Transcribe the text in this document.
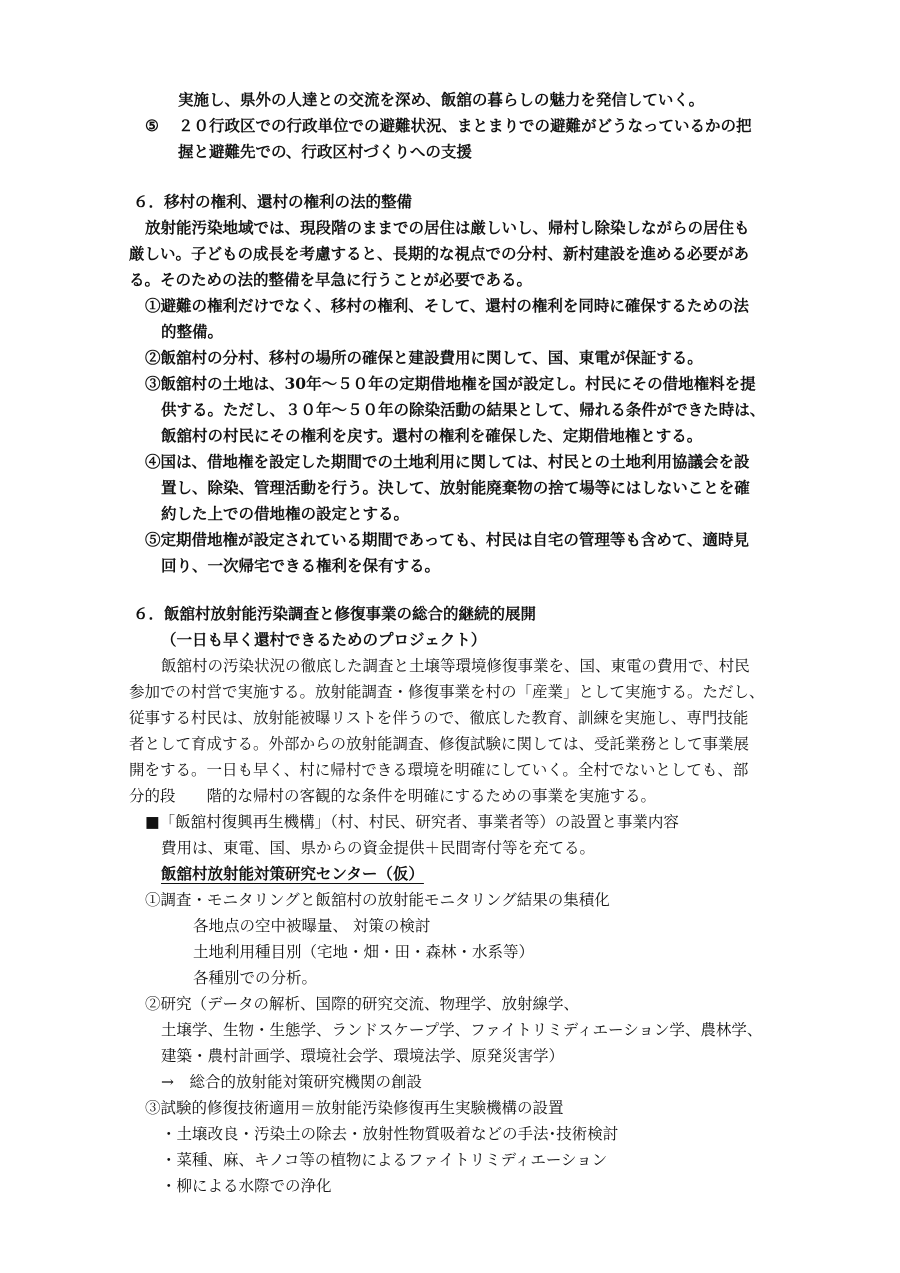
実施し、県外の人達との交流を深め、飯舘の暮らしの魅力を発信していく。
⑤ ２０行政区での行政単位での避難状況、まとまりでの避難がどうなっているかの把
握と避難先での、行政区村づくりへの支援
６．移村の権利、還村の権利の法的整備
放射能汚染地域では、現段階のままでの居住は厳しいし、帰村し除染しながらの居住も
厳しい。子どもの成長を考慮すると、長期的な視点での分村、新村建設を進める必要があ
る。そのための法的整備を早急に行うことが必要である。
①避難の権利だけでなく、移村の権利、そして、還村の権利を同時に確保するための法
的整備。
②飯舘村の分村、移村の場所の確保と建設費用に関して、国、東電が保証する。
③飯舘村の土地は、30年～５０年の定期借地権を国が設定し。村民にその借地権料を提
供する。ただし、３０年～５０年の除染活動の結果として、帰れる条件ができた時は、
飯舘村の村民にその権利を戻す。還村の権利を確保した、定期借地権とする。
④国は、借地権を設定した期間での土地利用に関しては、村民との土地利用協議会を設
置し、除染、管理活動を行う。決して、放射能廃棄物の捨て場等にはしないことを確
約した上での借地権の設定とする。
⑤定期借地権が設定されている期間であっても、村民は自宅の管理等も含めて、適時見
回り、一次帰宅できる権利を保有する。
６．飯舘村放射能汚染調査と修復事業の総合的継続的展開
（一日も早く還村できるためのプロジェクト）
飯舘村の汚染状況の徹底した調査と土壌等環境修復事業を、国、東電の費用で、村民
参加での村営で実施する。放射能調査・修復事業を村の「産業」として実施する。ただし、
従事する村民は、放射能被曝リストを伴うので、徹底した教育、訓練を実施し、専門技能
者として育成する。外部からの放射能調査、修復試験に関しては、受託業務として事業展
開をする。一日も早く、村に帰村できる環境を明確にしていく。全村でないとしても、部
分的段　　階的な帰村の客観的な条件を明確にするための事業を実施する。
■「飯舘村復興再生機構」（村、村民、研究者、事業者等）の設置と事業内容
費用は、東電、国、県からの資金提供＋民間寄付等を充てる。
飯舘村放射能対策研究センター（仮）
①調査・モニタリングと飯舘村の放射能モニタリング結果の集積化
各地点の空中被曝量、 対策の検討
土地利用種目別（宅地・畑・田・森林・水系等）
各種別での分析。
②研究（データの解析、国際的研究交流、物理学、放射線学、
土壌学、生物・生態学、ランドスケープ学、ファイトリミディエーション学、農林学、
建築・農村計画学、環境社会学、環境法学、原発災害学）
→　総合的放射能対策研究機関の創設
③試験的修復技術適用＝放射能汚染修復再生実験機構の設置
・土壌改良・汚染土の除去・放射性物質吸着などの手法･技術検討
・菜種、麻、キノコ等の植物によるファイトリミディエーション
・柳による水際での浄化
